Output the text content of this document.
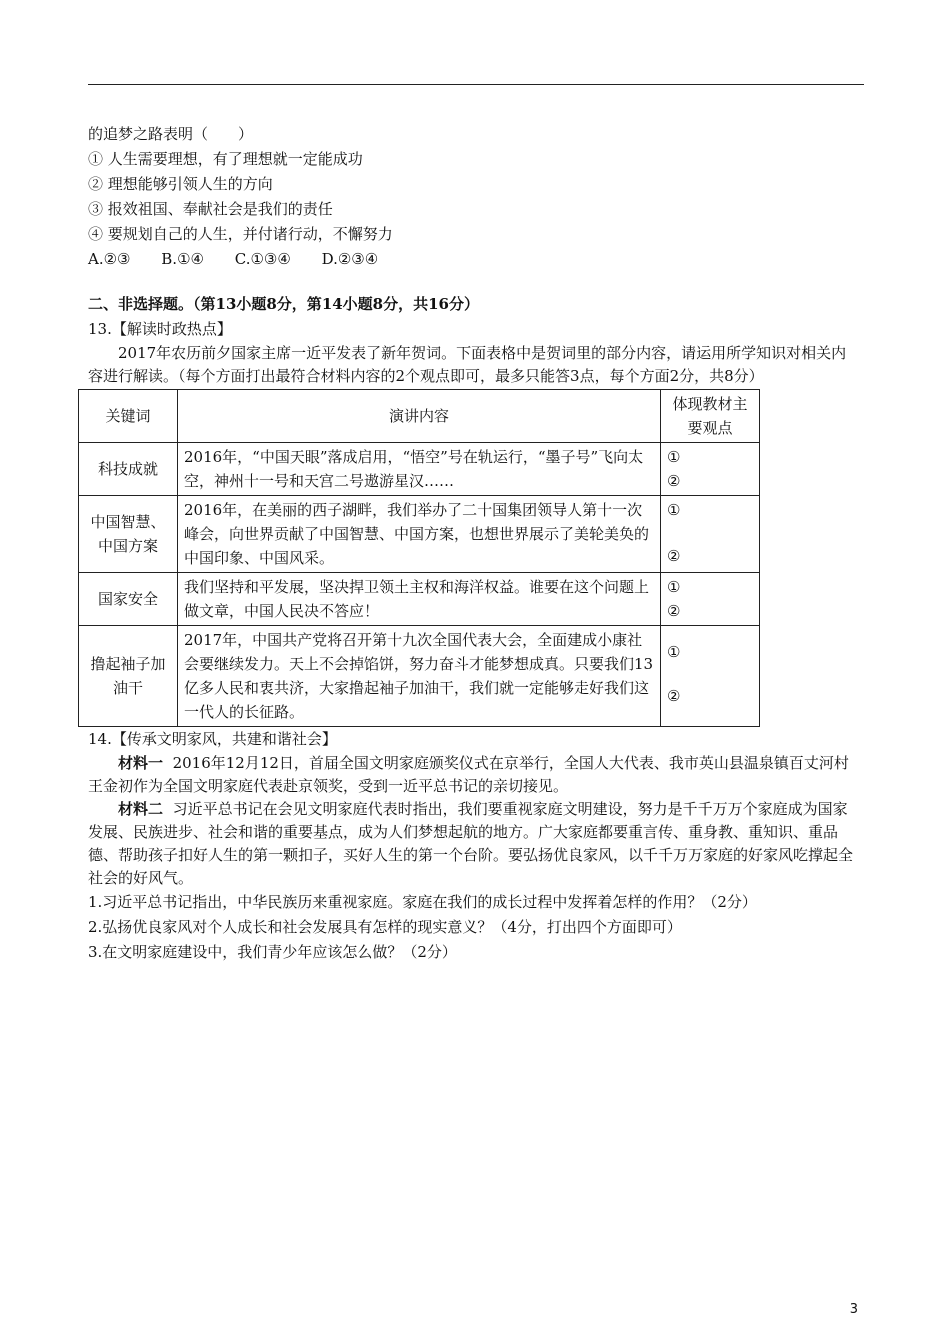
的追梦之路表明（　　）
① 人生需要理想，有了理想就一定能成功
② 理想能够引领人生的方向
③ 报效祖国、奉献社会是我们的责任
④ 要规划自己的人生，并付诸行动，不懈努力
A.②③ B.①④ C.①③④ D.②③④
二、非选择题。（第13小题8分，第14小题8分，共16分）
13.【解读时政热点】
2017年农历前夕国家主席一近平发表了新年贺词。下面表格中是贺词里的部分内容，请运用所学知识对相关内容进行解读。（每个方面打出最符合材料内容的2个观点即可，最多只能答3点，每个方面2分，共8分）
关键词	演讲内容	体现教材主要观点
科技成就	2016年，“中国天眼”落成启用，“悟空”号在轨运行，“墨子号”飞向太空，神州十一号和天宫二号遨游星汉……	①
②

中国智慧、中国方案	2016年，在美丽的西子湖畔，我们举办了二十国集团领导人第十一次峰会，向世界贡献了中国智慧、中国方案，也想世界展示了美轮美奂的中国印象、中国风采。	①
②

国家安全	我们坚持和平发展，坚决捍卫领土主权和海洋权益。谁要在这个问题上做文章，中国人民决不答应！	①
②

撸起袖子加油干	2017年，中国共产党将召开第十九次全国代表大会，全面建成小康社会要继续发力。天上不会掉馅饼，努力奋斗才能梦想成真。只要我们13亿多人民和衷共济，大家撸起袖子加油干，我们就一定能够走好我们这一代人的长征路。	①
②
14.【传承文明家风，共建和谐社会】
材料一 2016年12月12日，首届全国文明家庭颁奖仪式在京举行，全国人大代表、我市英山县温泉镇百丈河村王金初作为全国文明家庭代表赴京领奖，受到一近平总书记的亲切接见。
材料二 习近平总书记在会见文明家庭代表时指出，我们要重视家庭文明建设，努力是千千万万个家庭成为国家发展、民族进步、社会和谐的重要基点，成为人们梦想起航的地方。广大家庭都要重言传、重身教、重知识、重品德、帮助孩子扣好人生的第一颗扣子，买好人生的第一个台阶。要弘扬优良家风，以千千万万家庭的好家风吃撑起全社会的好风气。
1.习近平总书记指出，中华民族历来重视家庭。家庭在我们的成长过程中发挥着怎样的作用？（2分）
2.弘扬优良家风对个人成长和社会发展具有怎样的现实意义？（4分，打出四个方面即可）
3.在文明家庭建设中，我们青少年应该怎么做？（2分）
3
